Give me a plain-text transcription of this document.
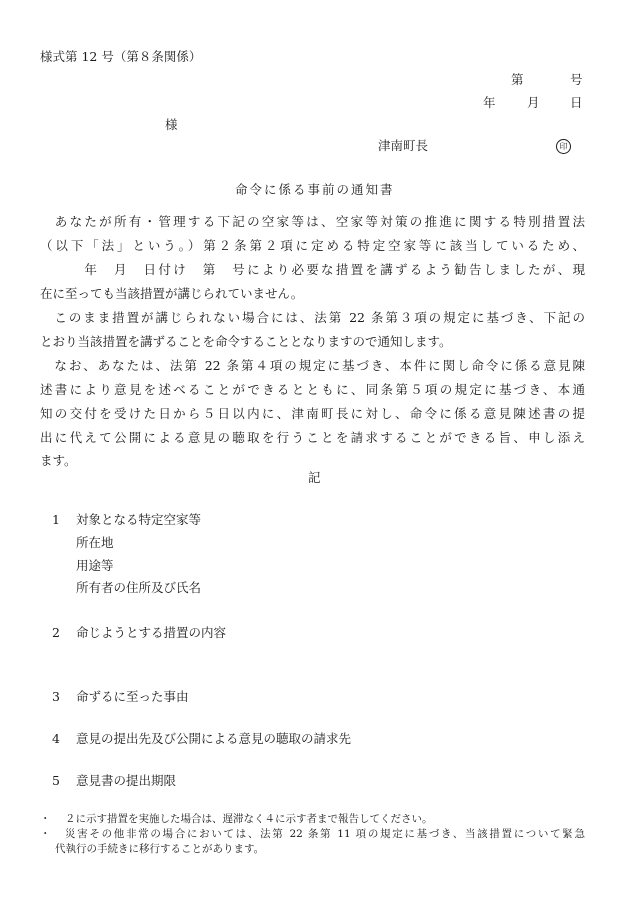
様式第 12 号（第８条関係）
第	号
年	月 日
様
津南町長	印
命令に係る事前の通知書
　あなたが所有・管理する下記の空家等は、空家等対策の推進に関する特別措置法
（以下「法」という。）第２条第２項に定める特定空家等に該当しているため、
　　　年　月　日付け　第　号により必要な措置を講ずるよう勧告しましたが、現
在に至っても当該措置が講じられていません。
　このまま措置が講じられない場合には、法第 22 条第３項の規定に基づき、下記の
とおり当該措置を講ずることを命令することとなりますので通知します。
　なお、あなたは、法第 22 条第４項の規定に基づき、本件に関し命令に係る意見陳
述書により意見を述べることができるとともに、同条第５項の規定に基づき、本通
知の交付を受けた日から５日以内に、津南町長に対し、命令に係る意見陳述書の提
出に代えて公開による意見の聴取を行うことを請求することができる旨、申し添え
ます。
記
1 対象となる特定空家等
所在地
用途等
所有者の住所及び氏名
2 命じようとする措置の内容
3 命ずるに至った事由
4 意見の提出先及び公開による意見の聴取の請求先
5 意見書の提出期限
・ ２に示す措置を実施した場合は、遅滞なく４に示す者まで報告してください。
・ 災害その他非常の場合においては、法第 22 条第 11 項の規定に基づき、当該措置について緊急
代執行の手続きに移行することがあります。
